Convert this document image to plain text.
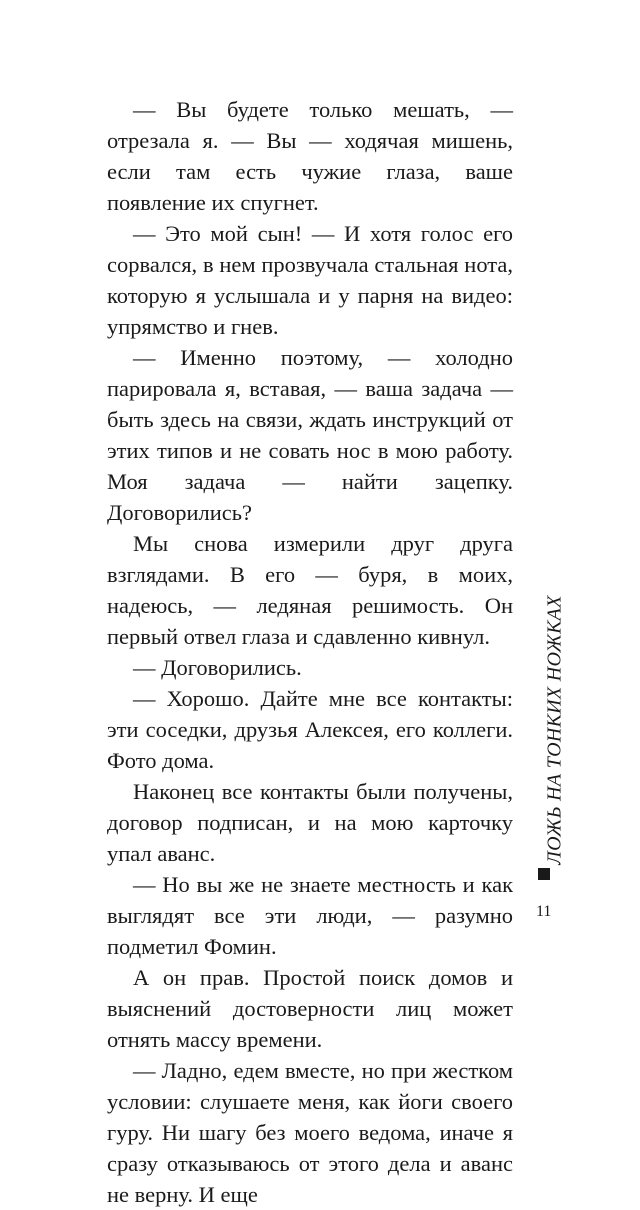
— Вы будете только мешать, — отрезала я. — Вы — ходячая мишень, если там есть чужие глаза, ваше появление их спугнет.

— Это мой сын! — И хотя голос его сорвался, в нем прозвучала стальная нота, которую я услышала и у парня на видео: упрямство и гнев.

— Именно поэтому, — холодно парировала я, вставая, — ваша задача — быть здесь на связи, ждать инструкций от этих типов и не совать нос в мою работу. Моя задача — найти зацепку. Договорились?

Мы снова измерили друг друга взглядами. В его — буря, в моих, надеюсь, — ледяная решимость. Он первый отвел глаза и сдавленно кивнул.

— Договорились.

— Хорошо. Дайте мне все контакты: эти соседки, друзья Алексея, его коллеги. Фото дома.

Наконец все контакты были получены, договор подписан, и на мою карточку упал аванс.

— Но вы же не знаете местность и как выглядят все эти люди, — разумно подметил Фомин.

А он прав. Простой поиск домов и выяснений достоверности лиц может отнять массу времени.

— Ладно, едем вместе, но при жестком условии: слушаете меня, как йоги своего гуру. Ни шагу без моего ведома, иначе я сразу отказываюсь от этого дела и аванс не верну. И еще

ЛОЖЬ НА ТОНКИХ НОЖКАХ
11
